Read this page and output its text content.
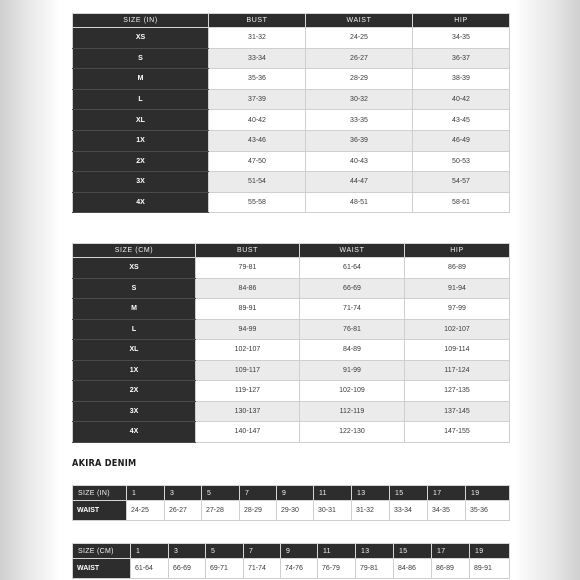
SIZE (IN)	BUST	WAIST	HIP
XS	31-32	24-25	34-35
S	33-34	26-27	36-37
M	35-36	28-29	38-39
L	37-39	30-32	40-42
XL	40-42	33-35	43-45
1X	43-46	36-39	46-49
2X	47-50	40-43	50-53
3X	51-54	44-47	54-57
4X	55-58	48-51	58-61
SIZE (CM)	BUST	WAIST	HIP
XS	79-81	61-64	86-89
S	84-86	66-69	91-94
M	89-91	71-74	97-99
L	94-99	76-81	102-107
XL	102-107	84-89	109-114
1X	109-117	91-99	117-124
2X	119-127	102-109	127-135
3X	130-137	112-119	137-145
4X	140-147	122-130	147-155
AKIRA DENIM
SIZE (IN)	1	3	5	7	9	11	13	15	17	19
WAIST	24-25	26-27	27-28	28-29	29-30	30-31	31-32	33-34	34-35	35-36
SIZE (CM)	1	3	5	7	9	11	13	15	17	19
WAIST	61-64	66-69	69-71	71-74	74-76	76-79	79-81	84-86	86-89	89-91
